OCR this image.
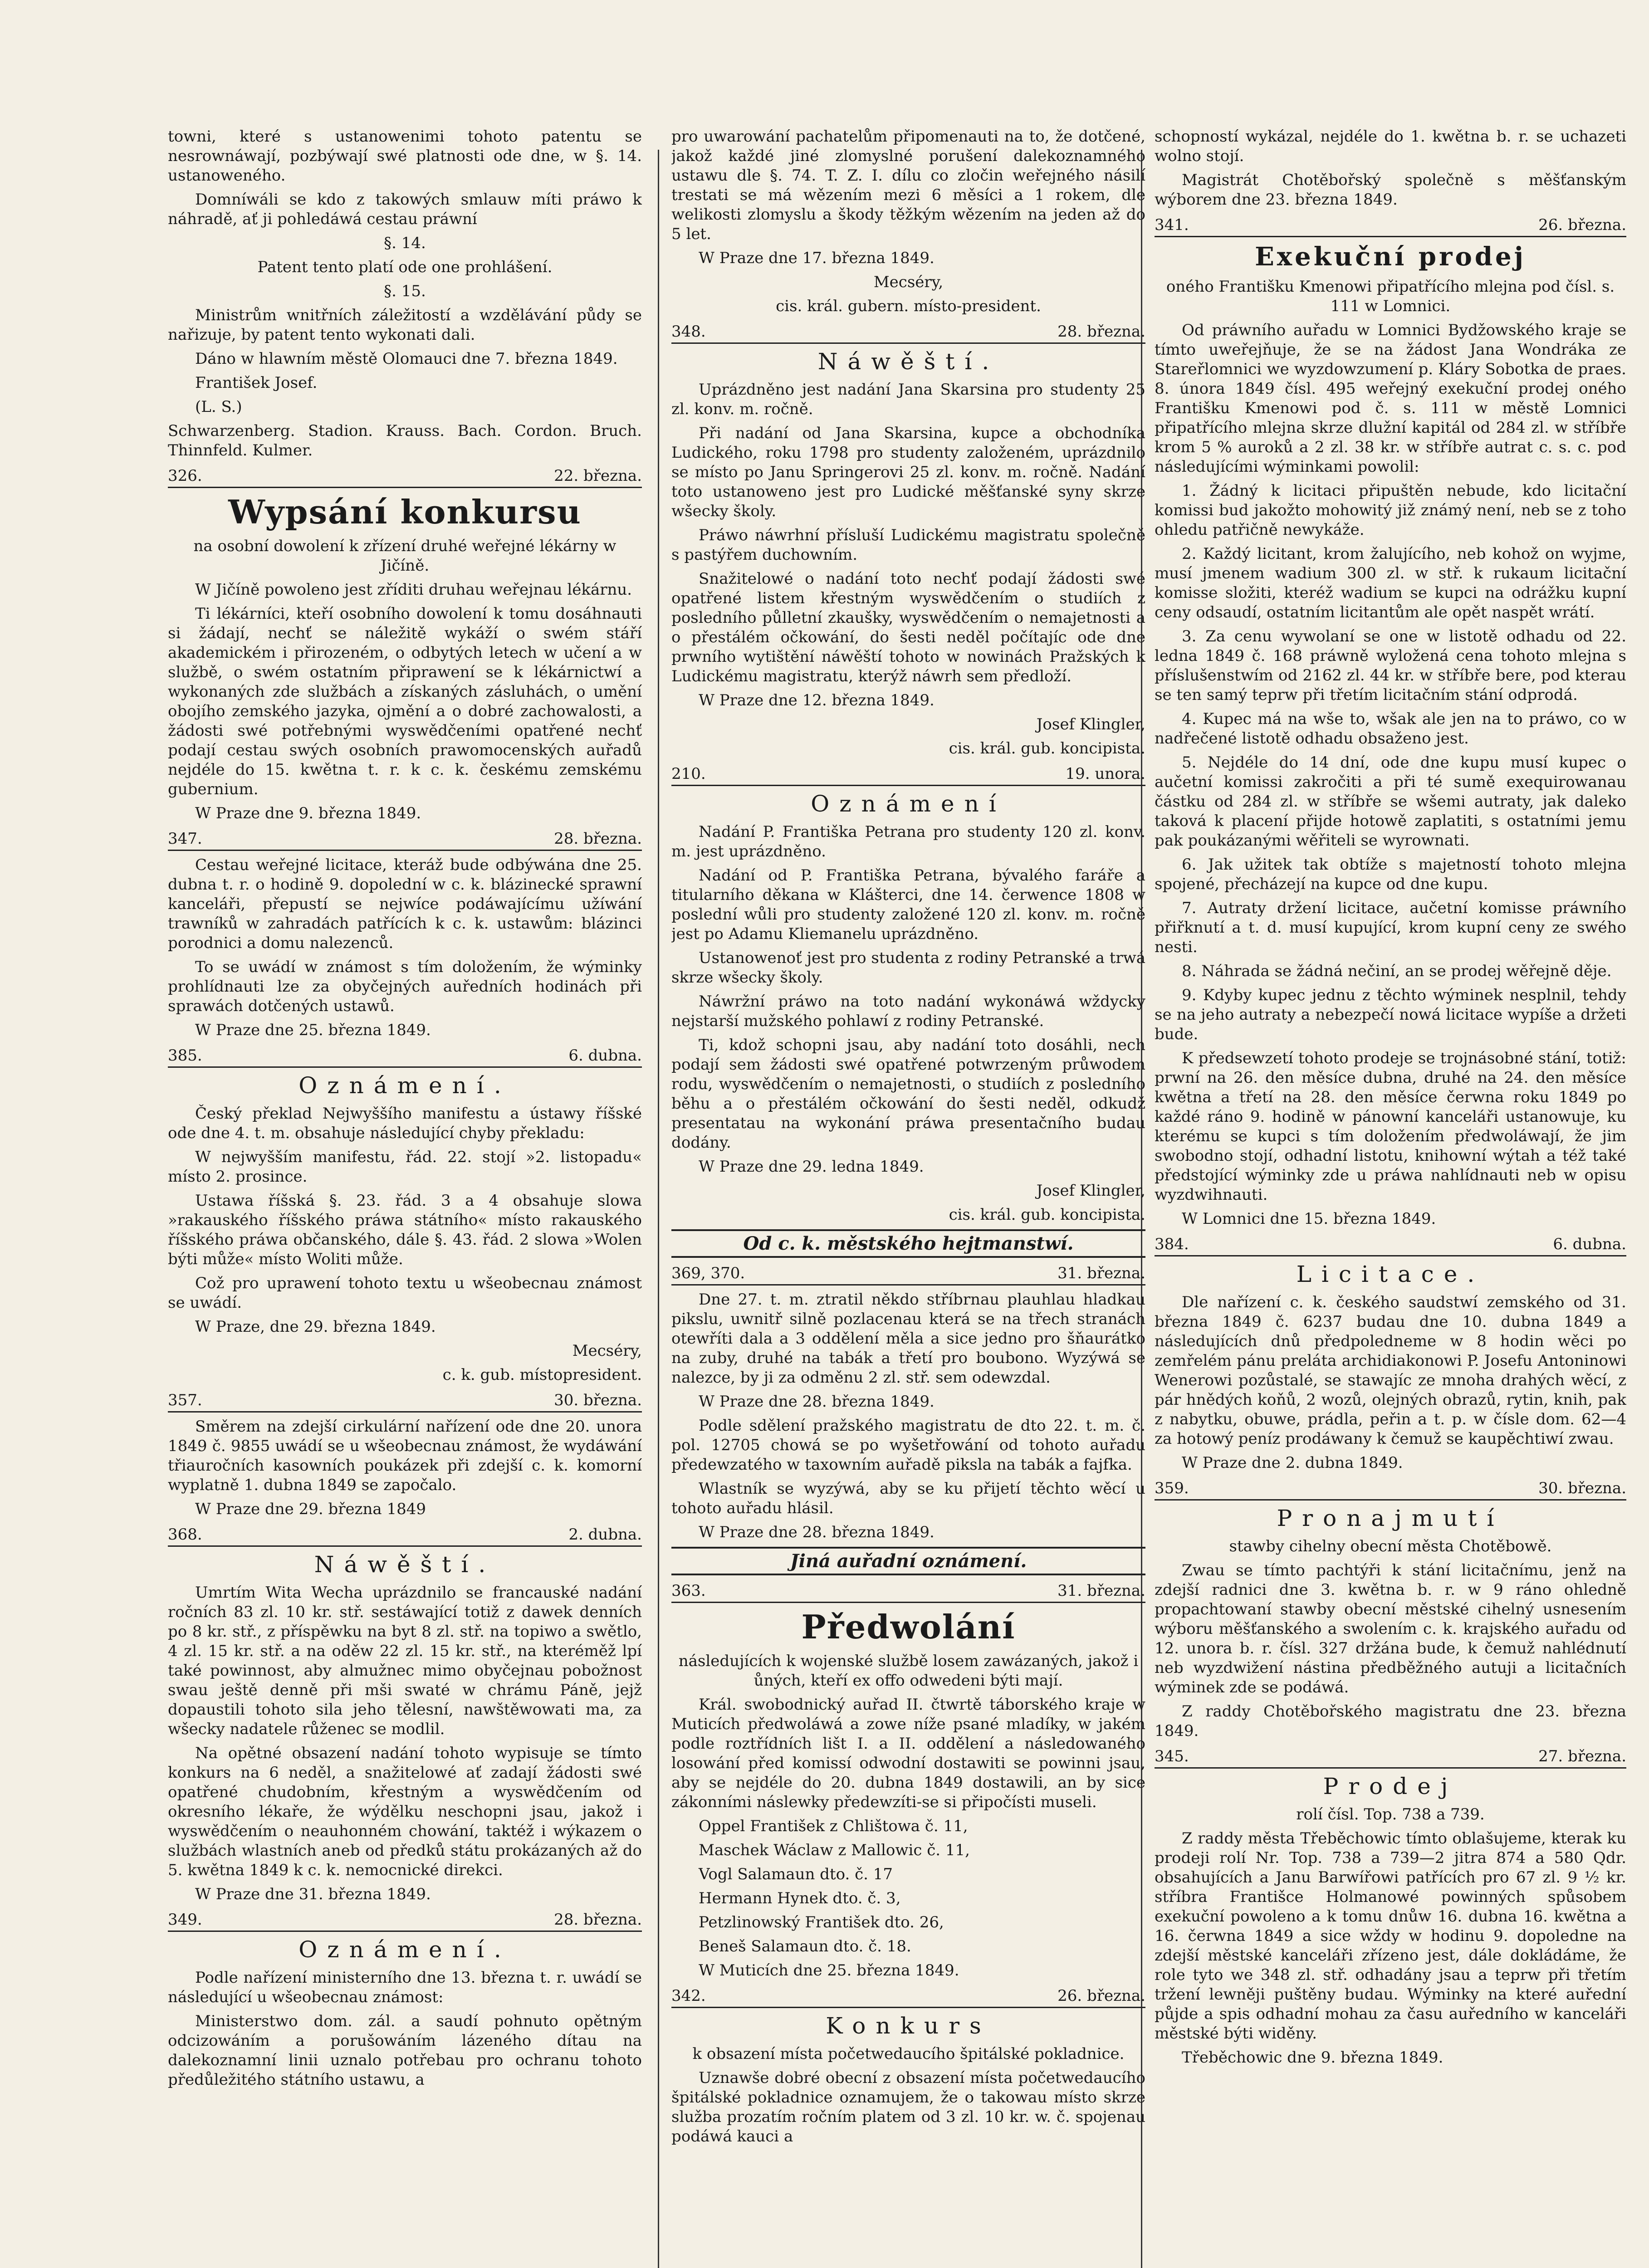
towni, které s ustanowenimi tohoto patentu se nesrownáwají, pozbýwají swé platnosti ode dne, w §. 14. ustanoweného.

Domníwáli se kdo z takowých smlauw míti práwo k náhradě, ať ji pohledáwá cestau práwní

§. 14.

Patent tento platí ode one prohlášení.

§. 15.

Ministrům wnitřních záležitostí a wzdělávání půdy se nařizuje, by patent tento wykonati dali.

Dáno w hlawním městě Olomauci dne 7. března 1849.

František Josef.

(L. S.)

Schwarzenberg. Stadion. Krauss. Bach. Cordon. Bruch. Thinnfeld. Kulmer.

326.	22. března.
Wypsání konkursu

na osobní dowolení k zřízení druhé weřejné lékárny w Jičíně.

W Jičíně powoleno jest zříditi druhau weřejnau lékárnu.

Ti lékárníci, kteří osobního dowolení k tomu dosáhnauti si žádají, nechť se náležitě wykáží o swém stáří akademickém i přirozeném, o odbytých letech w učení a w službě, o swém ostatním připrawení se k lékárnictwí a wykonaných zde službách a získaných zásluhách, o umění obojího zemského jazyka, ojmění a o dobré zachowalosti, a žádosti swé potřebnými wyswědčeními opatřené nechť podají cestau swých osobních prawomocenských auřadů nejdéle do 15. kwětna t. r. k c. k. českému zemskému gubernium.

W Praze dne 9. března 1849.

347.	28. března.

Cestau weřejné licitace, kteráž bude odbýwána dne 25. dubna t. r. o hodině 9. dopolední w c. k. blázinecké sprawní kanceláři, přepustí se nejwíce podáwajícímu užíwání trawníků w zahradách patřících k c. k. ustawům: blázinci porodnici a domu nalezenců.

To se uwádí w známost s tím doložením, že wýminky prohlídnauti lze za obyčejných auředních hodinách při sprawách dotčených ustawů.

W Praze dne 25. března 1849.

385.	6. dubna.
Oznámení.

Český překlad Nejwyššího manifestu a ústawy říšské ode dne 4. t. m. obsahuje následující chyby překladu:

W nejwyšším manifestu, řád. 22. stojí »2. listopadu« místo 2. prosince.

Ustawa říšská §. 23. řád. 3 a 4 obsahuje slowa »rakauského říšského práwa státního« místo rakauského říšského práwa občanského, dále §. 43. řád. 2 slowa »Wolen býti může« místo Woliti může.

Což pro uprawení tohoto textu u wšeobecnau známost se uwádí.

W Praze, dne 29. března 1849.

Mecséry,

c. k. gub. místopresident.

357.	30. března.

Směrem na zdejší cirkulární nařízení ode dne 20. unora 1849 č. 9855 uwádí se u wšeobecnau známost, že wydáwání třiauročních kasowních poukázek při zdejší c. k. komorní wyplatně 1. dubna 1849 se započalo.

W Praze dne 29. března 1849

368.	2. dubna.
Náwěští.

Umrtím Wita Wecha uprázdnilo se francauské nadání ročních 83 zl. 10 kr. stř. sestáwající totiž z dawek denních po 8 kr. stř., z příspěwku na byt 8 zl. stř. na topiwo a swětlo, 4 zl. 15 kr. stř. a na oděw 22 zl. 15 kr. stř., na kteréměž lpí také powinnost, aby almužnec mimo obyčejnau pobožnost swau ještě denně při mši swaté w chrámu Páně, jejž dopaustili tohoto sila jeho tělesní, nawštěwowati ma, za wšecky nadatele růženec se modlil.

Na opětné obsazení nadání tohoto wypisuje se tímto konkurs na 6 neděl, a snažitelowé ať zadají žádosti swé opatřené chudobním, křestným a wyswědčením od okresního lékaře, že wýdělku neschopni jsau, jakož i wyswědčením o neauhonném chowání, taktéž i wýkazem o službách wlastních aneb od předků státu prokázaných až do 5. kwětna 1849 k c. k. nemocnické direkci.

W Praze dne 31. března 1849.

349.	28. března.
Oznámení.

Podle nařízení ministerního dne 13. března t. r. uwádí se následující u wšeobecnau známost:

Ministerstwo dom. zál. a saudí pohnuto opětným odcizowáním a porušowáním lázeného dítau na dalekoznamní linii uznalo potřebau pro ochranu tohoto předůležitého státního ustawu, a

pro uwarowání pachatelům připomenauti na to, že dotčené, jakož každé jiné zlomyslné porušení dalekoznamného ustawu dle §. 74. T. Z. I. dílu co zločin weřejného násilí trestati se má wězením mezi 6 měsíci a 1 rokem, dle welikosti zlomyslu a škody těžkým wězením na jeden až do 5 let.

W Praze dne 17. března 1849.

Mecséry,

cis. král. gubern. místo-president.

348.	28. března.
Náwěští.

Uprázdněno jest nadání Jana Skarsina pro studenty 25 zl. konv. m. ročně.

Při nadání od Jana Skarsina, kupce a obchodníka Ludického, roku 1798 pro studenty založeném, uprázdnilo se místo po Janu Springerovi 25 zl. konv. m. ročně. Nadání toto ustanoweno jest pro Ludické měšťanské syny skrze wšecky školy.

Práwo náwrhní přísluší Ludickému magistratu společně s pastýřem duchowním.

Snažitelowé o nadání toto nechť podají žádosti swé opatřené listem křestným wyswědčením o studiích z posledního půlletní zkaušky, wyswědčením o nemajetnosti a o přestálém očkowání, do šesti neděl počítajíc ode dne prwního wytištění náwěští tohoto w nowinách Pražských k Ludickému magistratu, kterýž náwrh sem předloží.

W Praze dne 12. března 1849.

Josef Klingler,

cis. král. gub. koncipista.

210.	19. unora.
Oznámení

Nadání P. Františka Petrana pro studenty 120 zl. konv. m. jest uprázdněno.

Nadání od P. Františka Petrana, bývalého faráře a titularního děkana w Klášterci, dne 14. čerwence 1808 w poslední wůli pro studenty založené 120 zl. konv. m. ročně jest po Adamu Kliemanelu uprázdněno.

Ustanowenoť jest pro studenta z rodiny Petranské a trwá skrze wšecky školy.

Náwržní práwo na toto nadání wykonáwá wždycky nejstarší mužského pohlawí z rodiny Petranské.

Ti, kdož schopni jsau, aby nadání toto dosáhli, nech podají sem žádosti swé opatřené potwrzeným průwodem rodu, wyswědčením o nemajetnosti, o studiích z posledního běhu a o přestálém očkowání do šesti neděl, odkudž presentatau na wykonání práwa presentačního budau dodány.

W Praze dne 29. ledna 1849.

Josef Klingler,

cis. král. gub. koncipista.

Od c. k. městského hejtmanstwí.
369, 370.	31. března.

Dne 27. t. m. ztratil někdo stříbrnau plauhlau hladkau pikslu, uwnitř silně pozlacenau která se na třech stranách otewříti dala a 3 oddělení měla a sice jedno pro šňaurátko na zuby, druhé na tabák a třetí pro boubono. Wyzýwá se nalezce, by ji za odměnu 2 zl. stř. sem odewzdal.

W Praze dne 28. března 1849.

Podle sdělení pražského magistratu de dto 22. t. m. č. pol. 12705 chowá se po wyšetřowání od tohoto auřadu předewzatého w taxowním auřadě piksla na tabák a fajfka.

Wlastník se wyzýwá, aby se ku přijetí těchto wěcí u tohoto auřadu hlásil.

W Praze dne 28. března 1849.

Jiná auřadní oznámení.
363.	31. března.
Předwolání

následujících k wojenské službě losem zawázaných, jakož i ůných, kteří ex offo odwedeni býti mají.

Král. swobodnický auřad II. čtwrtě táborského kraje w Muticích předwoláwá a zowe níže psané mladíky, w jakém podle roztřídních lišt I. a II. oddělení a následowaného losowání před komissí odwodní dostawiti se powinni jsau, aby se nejdéle do 20. dubna 1849 dostawili, an by sice zákonními náslewky předewzíti-se si připočísti museli.

Oppel František z Chlištowa č. 11,

Maschek Wáclaw z Mallowic č. 11,

Vogl Salamaun dto. č. 17

Hermann Hynek dto. č. 3,

Petzlinowský František dto. 26,

Beneš Salamaun dto. č. 18.

W Muticích dne 25. března 1849.

342.	26. března.
Konkurs

k obsazení místa početwedaucího špitálské pokladnice.

Uznawše dobré obecní z obsazení místa početwedaucího špitálské pokladnice oznamujem, že o takowau místo skrze služba prozatím ročním platem od 3 zl. 10 kr. w. č. spojenau podáwá kauci a

schopností wykázal, nejdéle do 1. kwětna b. r. se uchazeti wolno stojí.

Magistrát Chotěbořský společně s měšťanským wýborem dne 23. března 1849.

341.	26. března.
Exekuční prodej

oného Františku Kmenowi připatřícího mlejna pod čísl. s. 111 w Lomnici.

Od práwního auřadu w Lomnici Bydžowského kraje se tímto uweřejňuje, že se na žádost Jana Wondráka ze Stareřlomnici we wyzdowzumení p. Kláry Sobotka de praes. 8. února 1849 čísl. 495 weřejný exekuční prodej oného Františku Kmenowi pod č. s. 111 w městě Lomnici připatřícího mlejna skrze dlužní kapitál od 284 zl. w stříbře krom 5 % auroků a 2 zl. 38 kr. w stříbře autrat c. s. c. pod následujícími wýminkami powolil:

1. Žádný k licitaci připuštěn nebude, kdo licitační komissi bud jakožto mohowitý již známý není, neb se z toho ohledu patřičně newykáže.

2. Každý licitant, krom žalujícího, neb kohož on wyjme, musí jmenem wadium 300 zl. w stř. k rukaum licitační komisse složiti, kteréž wadium se kupci na odrážku kupní ceny odsaudí, ostatním licitantům ale opět naspět wrátí.

3. Za cenu wywolaní se one w listotě odhadu od 22. ledna 1849 č. 168 práwně wyložená cena tohoto mlejna s příslušenstwím od 2162 zl. 44 kr. w stříbře bere, pod kterau se ten samý teprw při třetím licitačním stání odprodá.

4. Kupec má na wše to, wšak ale jen na to práwo, co w nadřečené listotě odhadu obsaženo jest.

5. Nejdéle do 14 dní, ode dne kupu musí kupec o aučetní komissi zakročiti a při té sumě exequirowanau částku od 284 zl. w stříbře se wšemi autraty, jak daleko taková k placení přijde hotowě zaplatiti, s ostatními jemu pak poukázanými wěřiteli se wyrownati.

6. Jak užitek tak obtíže s majetností tohoto mlejna spojené, přecházejí na kupce od dne kupu.

7. Autraty držení licitace, aučetní komisse práwního přiřknutí a t. d. musí kupující, krom kupní ceny ze swého nesti.

8. Náhrada se žádná nečiní, an se prodej wěřejně děje.

9. Kdyby kupec jednu z těchto wýminek nesplnil, tehdy se na jeho autraty a nebezpečí nowá licitace wypíše a držeti bude.

K předsewzetí tohoto prodeje se trojnásobné stání, totiž: prwní na 26. den měsíce dubna, druhé na 24. den měsíce kwětna a třetí na 28. den měsíce čerwna roku 1849 po každé ráno 9. hodině w pánowní kanceláři ustanowuje, ku kterému se kupci s tím doložením předwoláwají, že jim swobodno stojí, odhadní listotu, knihowní wýtah a též také předstojící wýminky zde u práwa nahlídnauti neb w opisu wyzdwihnauti.

W Lomnici dne 15. března 1849.

384.	6. dubna.
Licitace.

Dle nařízení c. k. českého saudstwí zemského od 31. března 1849 č. 6237 budau dne 10. dubna 1849 a následujících dnů předpoledneme w 8 hodin wěci po zemřelém pánu preláta archidiakonowi P. Josefu Antoninowi Wenerowi pozůstalé, se stawajíc ze mnoha drahých wěcí, z pár hnědých koňů, 2 wozů, olejných obrazů, rytin, knih, pak z nabytku, obuwe, prádla, peřin a t. p. w čísle dom. 62—4 za hotowý peníz prodáwany k čemuž se kaupěchtiwí zwau.

W Praze dne 2. dubna 1849.

359.	30. března.
Pronajmutí

stawby cihelny obecní města Chotěbowě.

Zwau se tímto pachtýři k stání licitačnímu, jenž na zdejší radnici dne 3. kwětna b. r. w 9 ráno ohledně propachtowaní stawby obecní městské cihelný usnesením wýboru měšťanského a swolením c. k. krajského auřadu od 12. unora b. r. čísl. 327 držána bude, k čemuž nahlédnutí neb wyzdwižení nástina předběžného autuji a licitačních wýminek zde se podáwá.

Z raddy Chotěbořského magistratu dne 23. března 1849.

345.	27. března.
Prodej

rolí čísl. Top. 738 a 739.

Z raddy města Třeběchowic tímto oblašujeme, kterak ku prodeji rolí Nr. Top. 738 a 739—2 jitra 874 a 580 Qdr. obsahujících a Janu Barwířowi patřících pro 67 zl. 9 ½ kr. stříbra Františce Holmanowé powinných spůsobem exekuční powoleno a k tomu dnůw 16. dubna 16. kwětna a 16. čerwna 1849 a sice wždy w hodinu 9. dopoledne na zdejší městské kanceláři zřízeno jest, dále dokládáme, že role tyto we 348 zl. stř. odhadány jsau a teprw při třetím tržení lewněji puštěny budau. Wýminky na které auřední půjde a spis odhadní mohau za času auředního w kanceláři městské býti widěny.

Třeběchowic dne 9. března 1849.
